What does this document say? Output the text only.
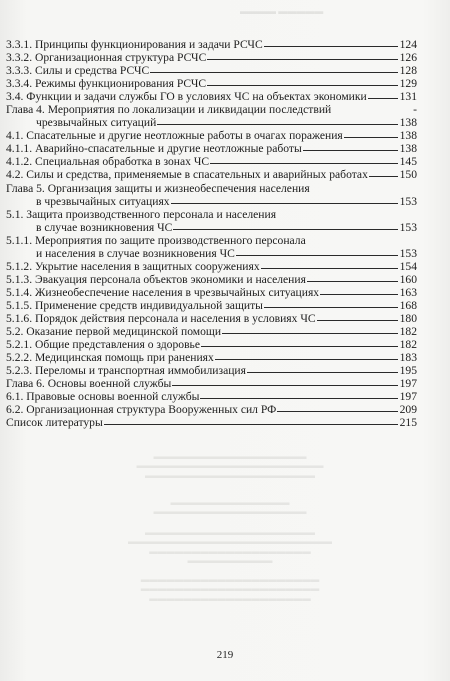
▬▬▬▬ ▬▬▬▬▬
3.3.1. Принципы функционирования и задачи РСЧС	124
3.3.2. Организационная структура РСЧС	126
3.3.3. Силы и средства РСЧС	128
3.3.4. Режимы функционирования РСЧС	129
3.4. Функции и задачи службы ГО в условиях ЧС на объектах экономики	131
Глава 4. Мероприятия по локализации и ликвидации последствий	-
чрезвычайных ситуаций	138
4.1. Спасательные и другие неотложные работы в очагах поражения	138
4.1.1. Аварийно-спасательные и другие неотложные работы	138
4.1.2. Специальная обработка в зонах ЧС	145
4.2. Силы и средства, применяемые в спасательных и аварийных работах	150
Глава 5. Организация защиты и жизнеобеспечения населения
в чрезвычайных ситуациях	153
5.1. Защита производственного персонала и населения
в случае возникновения ЧС	153
5.1.1. Мероприятия по защите производственного персонала
и населения в случае возникновения ЧС	153
5.1.2. Укрытие населения в защитных сооружениях	154
5.1.3. Эвакуация персонала объектов экономики и населения	160
5.1.4. Жизнеобеспечение населения в чрезвычайных ситуациях	163
5.1.5. Применение средств индивидуальной защиты	168
5.1.6. Порядок действия персонала и населения в условиях ЧС	180
5.2. Оказание первой медицинской помощи	182
5.2.1. Общие представления о здоровье	182
5.2.2. Медицинская помощь при ранениях	183
5.2.3. Переломы и транспортная иммобилизация	195
Глава 6. Основы военной службы	197
6.1. Правовые основы военной службы	197
6.2. Организационная структура Вооруженных сил РФ	209
Список литературы	215
▬▬▬▬▬▬▬▬▬▬▬▬▬▬▬▬▬▬
▬▬▬▬▬▬▬▬▬▬▬▬▬▬▬▬▬▬▬▬▬▬
▬▬▬▬▬▬▬▬▬▬▬▬▬▬▬▬▬▬▬▬
▬▬▬▬▬▬▬▬▬▬▬▬▬▬
▬▬▬▬▬▬▬▬▬▬▬▬▬▬▬▬▬▬
▬▬▬▬▬▬▬▬▬▬▬▬▬▬▬▬▬▬▬▬
▬▬▬▬▬▬▬▬▬▬▬▬▬▬▬▬▬▬▬▬▬▬▬▬
▬▬▬▬▬▬▬▬▬▬▬▬▬▬▬▬▬▬▬
▬▬▬▬▬▬▬▬▬▬
▬▬▬▬▬▬▬▬▬▬▬▬▬▬▬▬▬▬▬▬▬
▬▬▬▬▬▬▬▬▬▬▬▬▬▬▬▬▬▬▬▬▬
▬▬▬▬▬▬▬▬▬▬▬▬▬▬▬▬▬▬▬
219
